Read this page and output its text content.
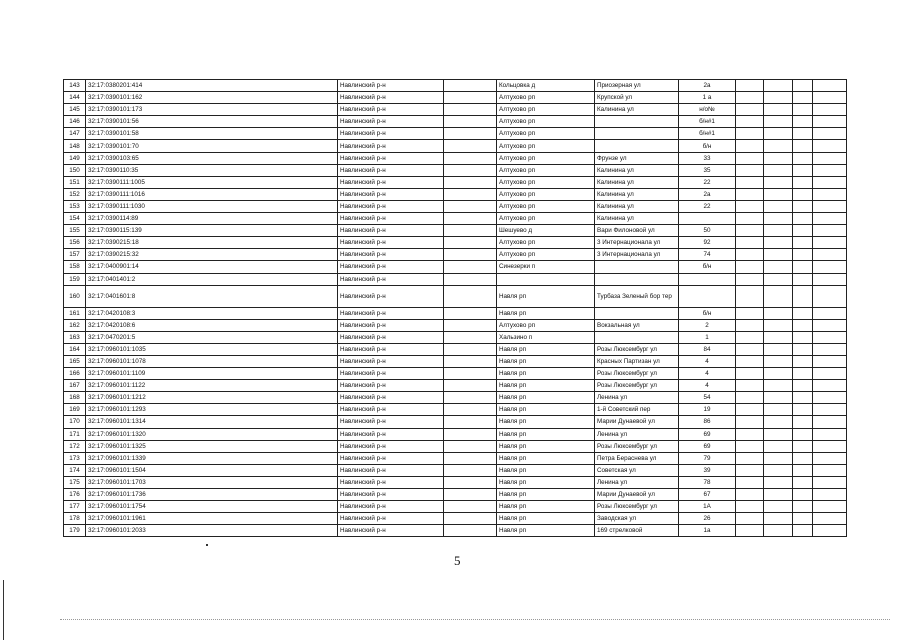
143	32:17:0380201:414	Навлинский р-н		Кольцовка д	Приозерная ул	2а				
144	32:17:0390101:162	Навлинский р-н		Алтухово рп	Крупской ул	1 а				
145	32:17:0390101:173	Навлинский р-н		Алтухово рп	Калинина ул	н/о№				
146	32:17:0390101:56	Навлинский р-н		Алтухово рп		б/н#1				
147	32:17:0390101:58	Навлинский р-н		Алтухово рп		б/н#1				
148	32:17:0390101:70	Навлинский р-н		Алтухово рп		б/н				
149	32:17:0390103:65	Навлинский р-н		Алтухово рп	Фрунзе ул	33				
150	32:17:0390110:35	Навлинский р-н		Алтухово рп	Калинина ул	35				
151	32:17:0390111:1005	Навлинский р-н		Алтухово рп	Калинина ул	22				
152	32:17:0390111:1016	Навлинский р-н		Алтухово рп	Калинина ул	2а				
153	32:17:0390111:1030	Навлинский р-н		Алтухово рп	Калинина ул	22				
154	32:17:0390114:89	Навлинский р-н		Алтухово рп	Калинина ул					
155	32:17:0390115:139	Навлинский р-н		Шешуево д	Вари Филоновой ул	50				
156	32:17:0390215:18	Навлинский р-н		Алтухово рп	3 Интернационала ул	92				
157	32:17:0390215:32	Навлинский р-н		Алтухово рп	3 Интернационала ул	74				
158	32:17:0400901:14	Навлинский р-н		Синезерки п		б/н				
159	32:17:0401401:2	Навлинский р-н								
160	32:17:0401601:8	Навлинский р-н		Навля рп	Турбаза Зеленый бор тер					
161	32:17:0420108:3	Навлинский р-н		Навля рп		б/н				
162	32:17:0420108:6	Навлинский р-н		Алтухово рп	Вокзальная ул	2				
163	32:17:0470201:5	Навлинский р-н		Хальзино п		1				
164	32:17:0960101:1035	Навлинский р-н		Навля рп	Розы Люксембург ул	84				
165	32:17:0960101:1078	Навлинский р-н		Навля рп	Красных Партизан ул	4				
166	32:17:0960101:1109	Навлинский р-н		Навля рп	Розы Люксембург ул	4				
167	32:17:0960101:1122	Навлинский р-н		Навля рп	Розы Люксембург ул	4				
168	32:17:0960101:1212	Навлинский р-н		Навля рп	Ленина ул	54				
169	32:17:0960101:1293	Навлинский р-н		Навля рп	1-й Советский пер	19				
170	32:17:0960101:1314	Навлинский р-н		Навля рп	Марии Дунаевой ул	86				
171	32:17:0960101:1320	Навлинский р-н		Навля рп	Ленина ул	69				
172	32:17:0960101:1325	Навлинский р-н		Навля рп	Розы Люксембург ул	69				
173	32:17:0960101:1339	Навлинский р-н		Навля рп	Петра Бераснева ул	79				
174	32:17:0960101:1504	Навлинский р-н		Навля рп	Советская ул	39				
175	32:17:0960101:1703	Навлинский р-н		Навля рп	Ленина ул	78				
176	32:17:0960101:1736	Навлинский р-н		Навля рп	Марии Дунаевой ул	67				
177	32:17:0960101:1754	Навлинский р-н		Навля рп	Розы Люксембург ул	1А				
178	32:17:0960101:1961	Навлинский р-н		Навля рп	Заводская ул	26				
179	32:17:0960101:2033	Навлинский р-н		Навля рп	169 стрелковой	1а				
5
